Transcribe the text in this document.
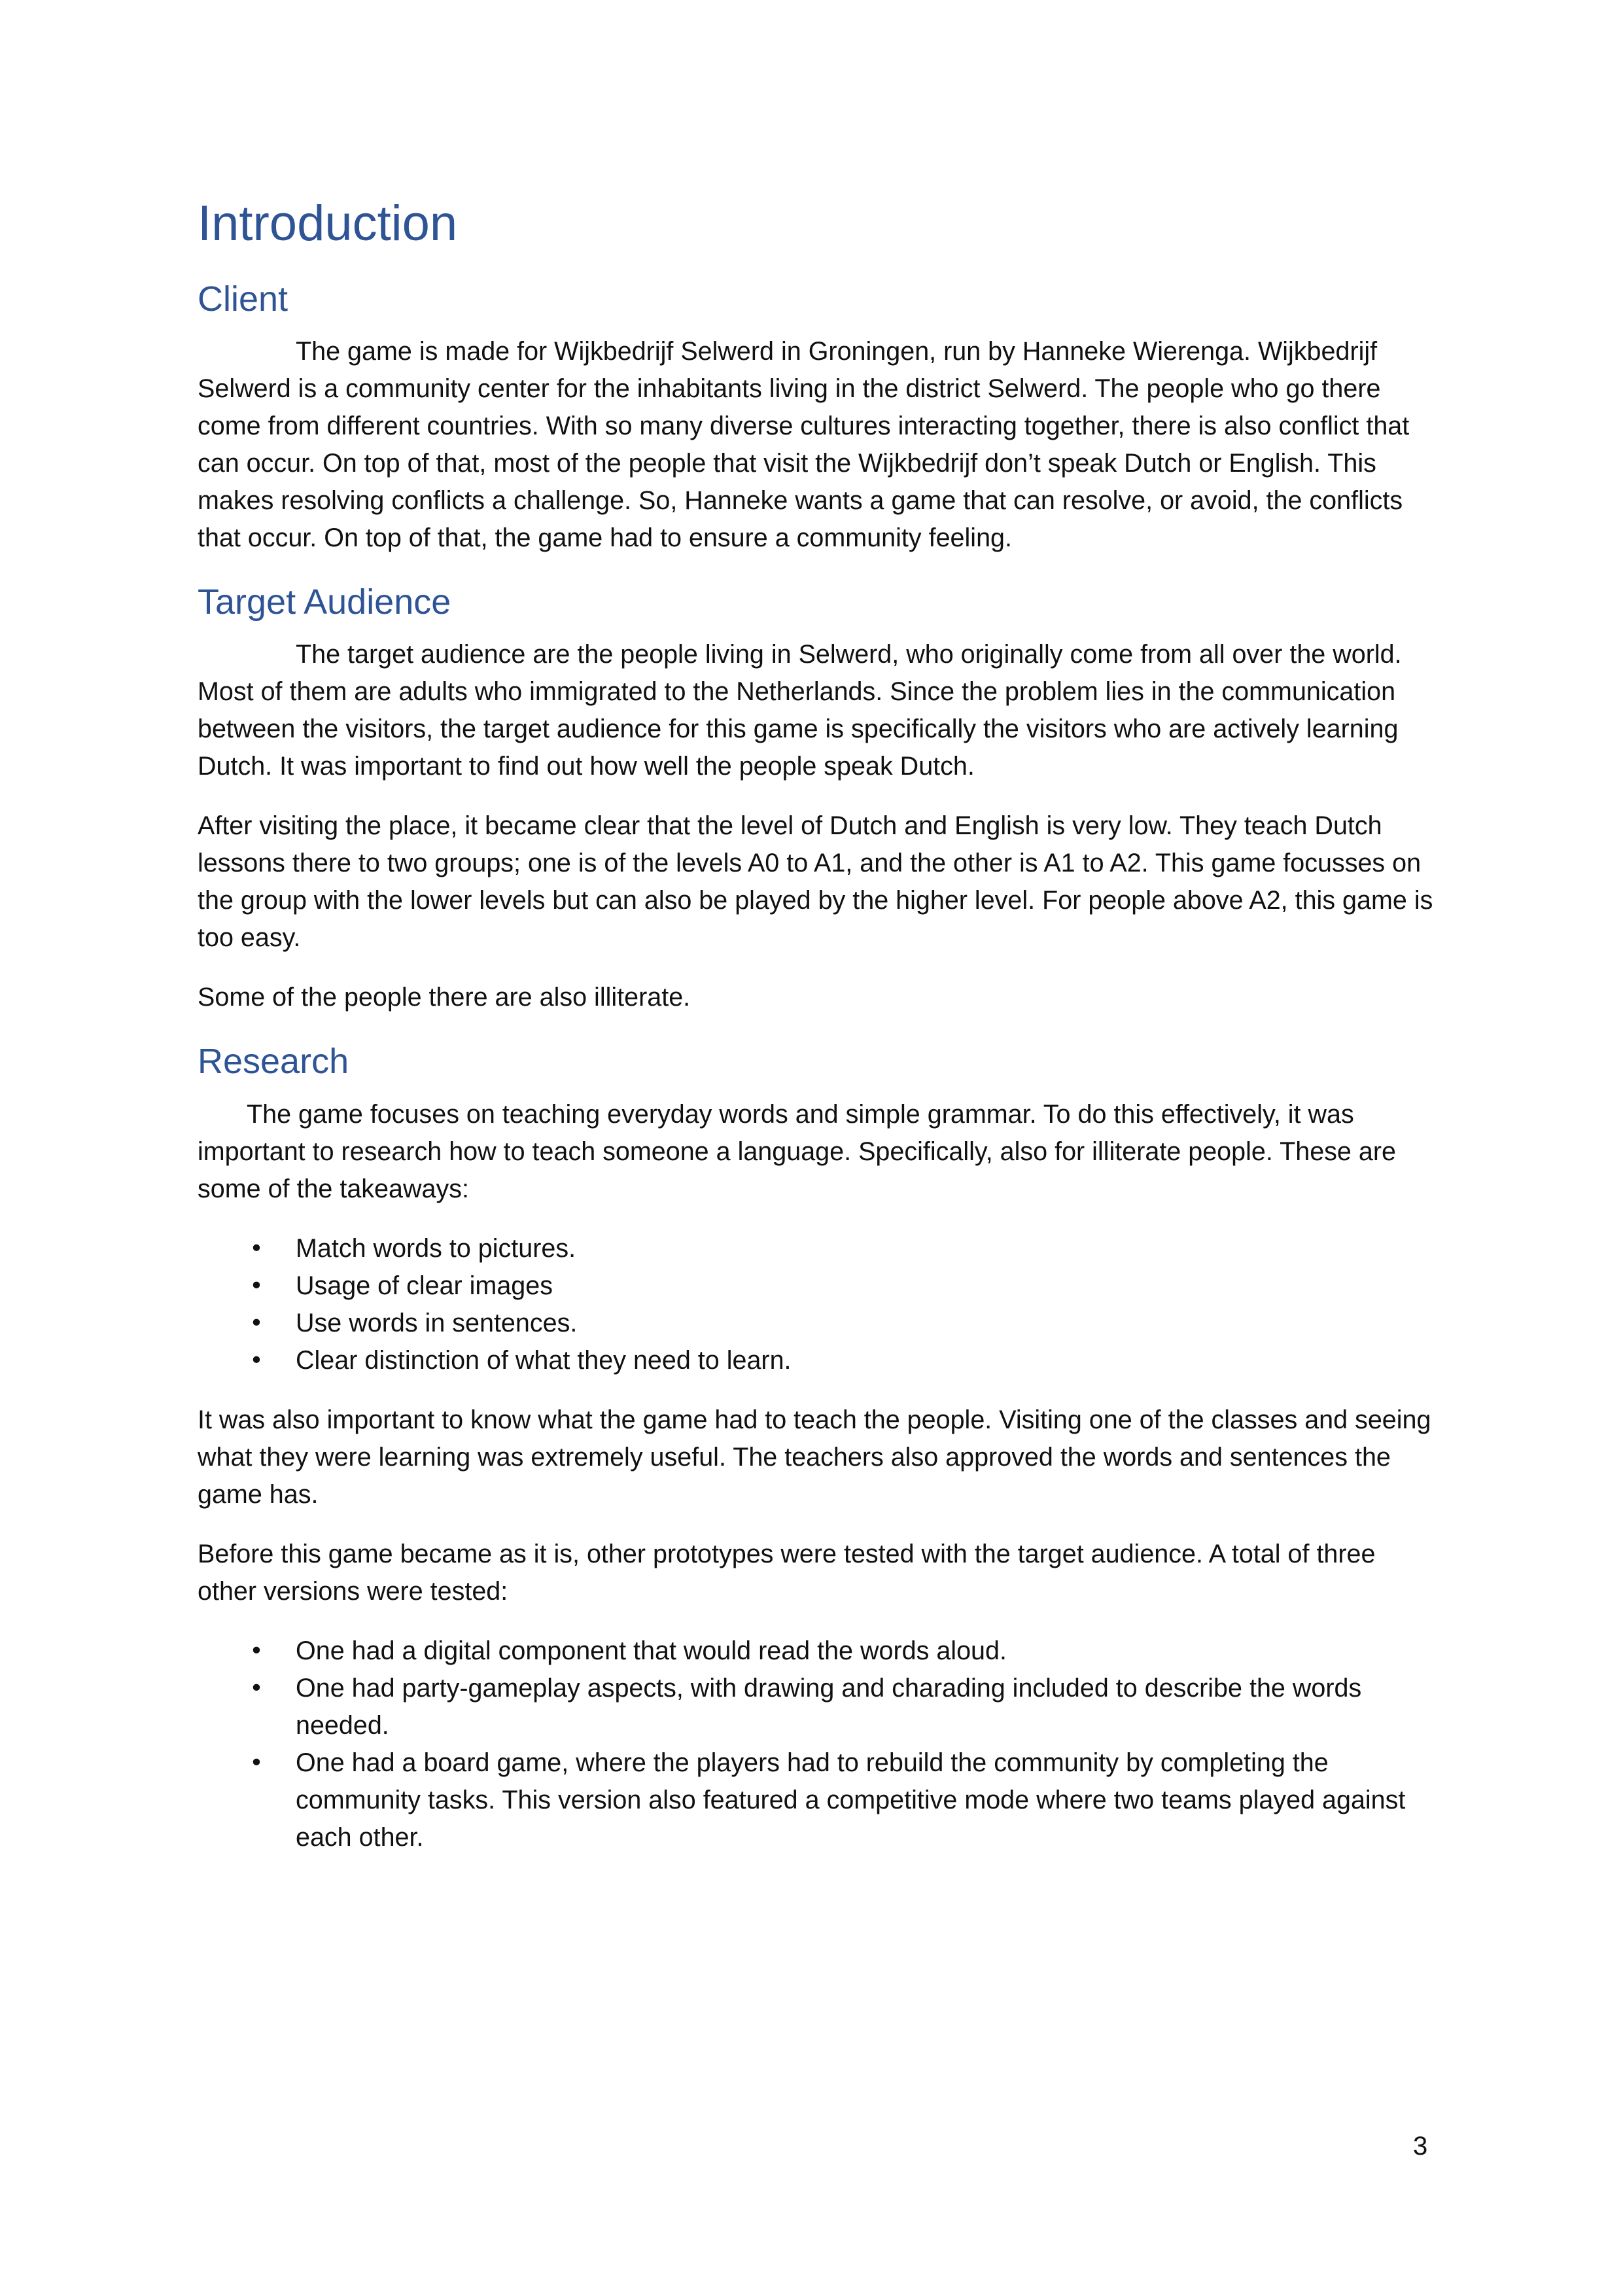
Introduction
Client

The game is made for Wijkbedrijf Selwerd in Groningen, run by Hanneke Wierenga. Wijkbedrijf Selwerd is a community center for the inhabitants living in the district Selwerd. The people who go there come from different countries. With so many diverse cultures interacting together, there is also conflict that can occur. On top of that, most of the people that visit the Wijkbedrijf don’t speak Dutch or English. This makes resolving conflicts a challenge. So, Hanneke wants a game that can resolve, or avoid, the conflicts that occur. On top of that, the game had to ensure a community feeling.

Target Audience

The target audience are the people living in Selwerd, who originally come from all over the world. Most of them are adults who immigrated to the Netherlands. Since the problem lies in the communication between the visitors, the target audience for this game is specifically the visitors who are actively learning Dutch. It was important to find out how well the people speak Dutch.

After visiting the place, it became clear that the level of Dutch and English is very low. They teach Dutch lessons there to two groups; one is of the levels A0 to A1, and the other is A1 to A2. This game focusses on the group with the lower levels but can also be played by the higher level. For people above A2, this game is too easy.

Some of the people there are also illiterate.

Research

The game focuses on teaching everyday words and simple grammar. To do this effectively, it was important to research how to teach someone a language. Specifically, also for illiterate people. These are some of the takeaways:

• Match words to pictures.
• Usage of clear images
• Use words in sentences.
• Clear distinction of what they need to learn.

It was also important to know what the game had to teach the people. Visiting one of the classes and seeing what they were learning was extremely useful. The teachers also approved the words and sentences the game has.

Before this game became as it is, other prototypes were tested with the target audience. A total of three other versions were tested:

• One had a digital component that would read the words aloud.
• One had party-gameplay aspects, with drawing and charading included to describe the words needed.
• One had a board game, where the players had to rebuild the community by completing the community tasks. This version also featured a competitive mode where two teams played against each other.
3
